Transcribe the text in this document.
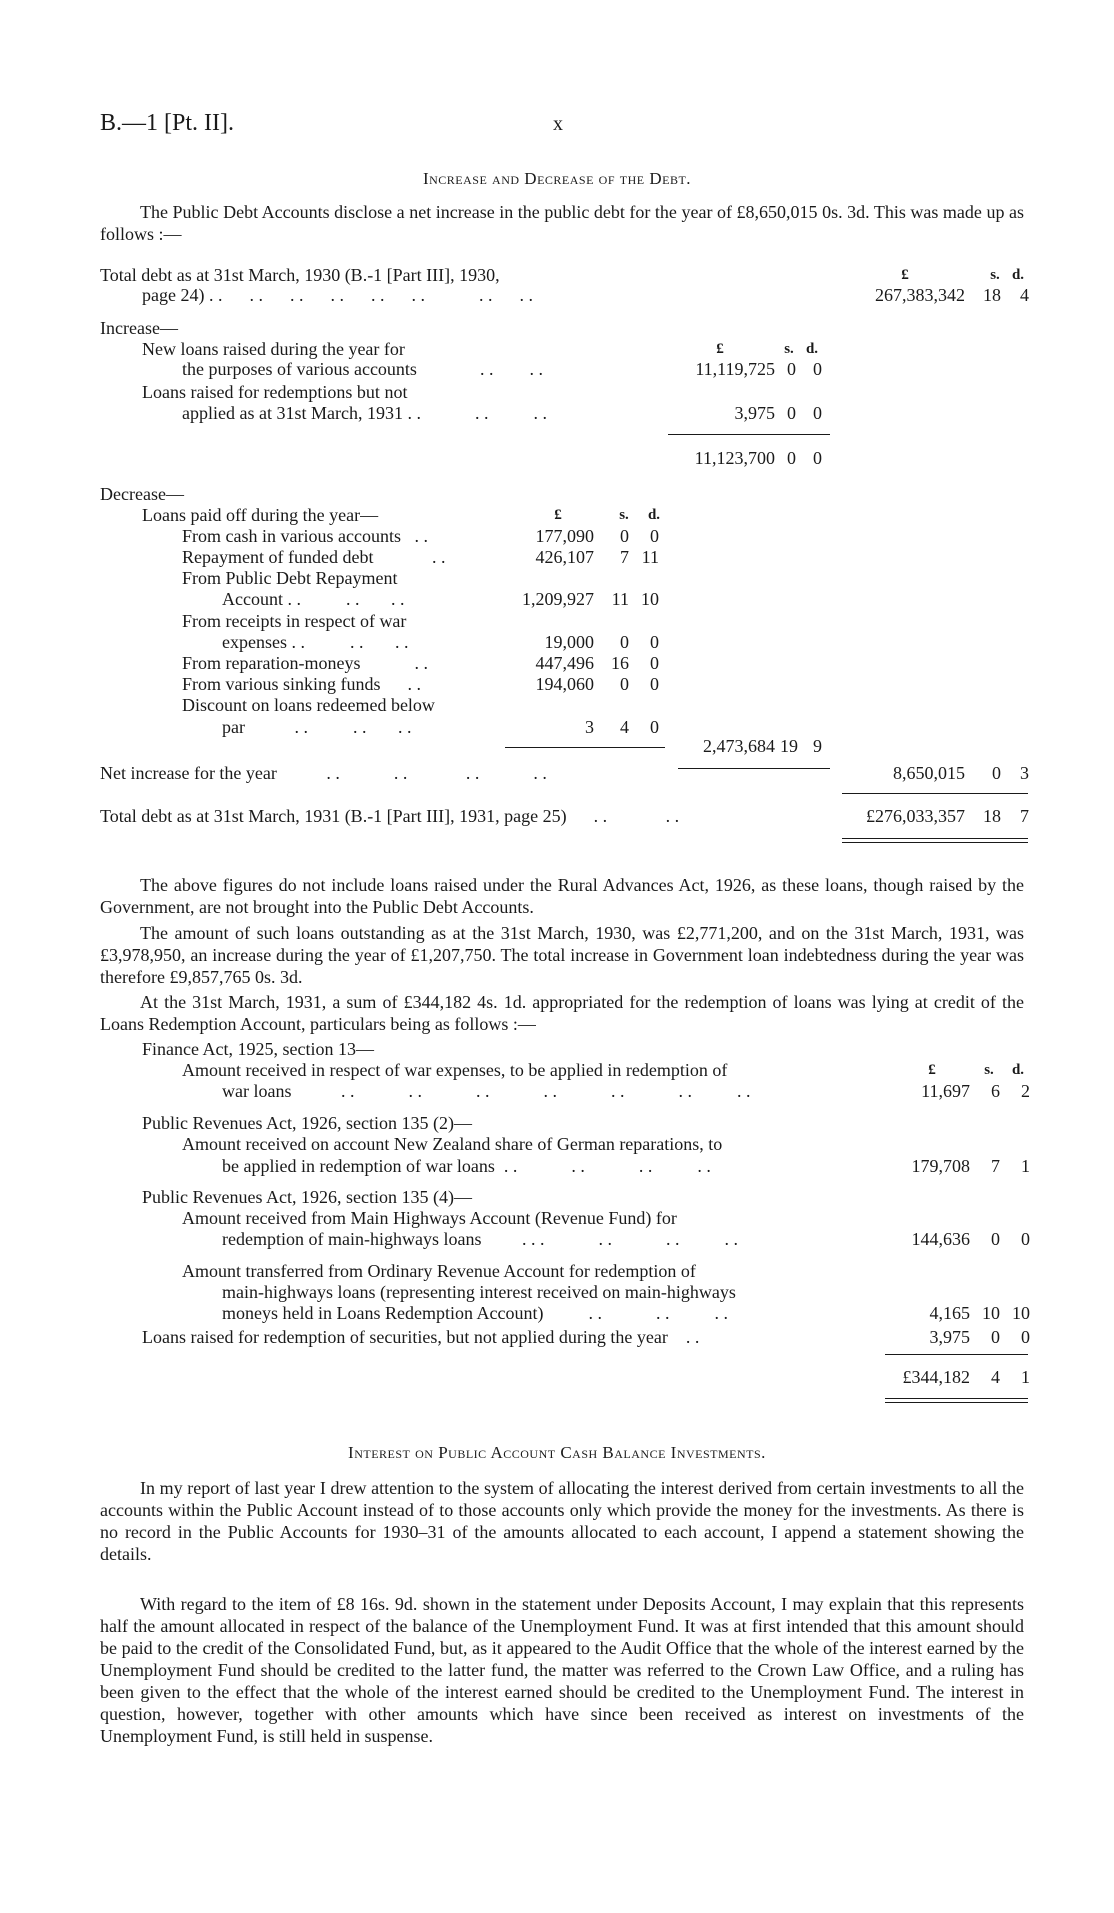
B.—1 [Pt. II].	x
Increase and Decrease of the Debt.
The Public Debt Accounts disclose a net increase in the public debt for the year of £8,650,015 0s. 3d. This was made up as follows :—
Total debt as at 31st March, 1930 (B.-1 [Part III], 1930,
page 24) . .      . .      . .      . .      . .      . .            . .      . .
£	s. d.
267,383,342	18	4
Increase—
£	s. d.
New loans raised during the year for
the purposes of various accounts              . .        . .	11,119,725 0 0
Loans raised for redemptions but not
applied as at 31st March, 1931 . .            . .          . .	3,975 0 0
11,123,700 0 0
Decrease—
Loans paid off during the year—	£	s.	d.
From cash in various accounts   . .	177,090	0	0
Repayment of funded debt             . .	426,107	7 11
From Public Debt Repayment
Account . .          . .       . .	1,209,927 11 10
From receipts in respect of war
expenses . .          . .       . .	19,000	0	0
From reparation-moneys            . .	447,496 16	0
From various sinking funds      . .	194,060	0	0
Discount on loans redeemed below
par           . .          . .       . .	3	4	0
2,473,684 19 9
Net increase for the year           . .            . .             . .            . .	8,650,015	0	3
Total debt as at 31st March, 1931 (B.-1 [Part III], 1931, page 25)      . .             . .	£276,033,357	18	7
The above figures do not include loans raised under the Rural Advances Act, 1926, as these loans, though raised by the Government, are not brought into the Public Debt Accounts.
The amount of such loans outstanding as at the 31st March, 1930, was £2,771,200, and on the 31st March, 1931, was £3,978,950, an increase during the year of £1,207,750. The total increase in Government loan indebtedness during the year was therefore £9,857,765 0s. 3d.
At the 31st March, 1931, a sum of £344,182 4s. 1d. appropriated for the redemption of loans was lying at credit of the Loans Redemption Account, particulars being as follows :—
Finance Act, 1925, section 13—
£	s.	d.
Amount received in respect of war expenses, to be applied in redemption of
war loans           . .            . .            . .            . .            . .            . .          . .	11,697	6	2
Public Revenues Act, 1926, section 135 (2)—
Amount received on account New Zealand share of German reparations, to
be applied in redemption of war loans  . .            . .            . .          . .	179,708	7	1
Public Revenues Act, 1926, section 135 (4)—
Amount received from Main Highways Account (Revenue Fund) for
redemption of main-highways loans         . . .            . .            . .          . .	144,636	0	0
Amount transferred from Ordinary Revenue Account for redemption of
main-highways loans (representing interest received on main-highways
moneys held in Loans Redemption Account)          . .            . .          . .	4,165 10 10
Loans raised for redemption of securities, but not applied during the year    . .	3,975	0	0
£344,182	4	1
Interest on Public Account Cash Balance Investments.
In my report of last year I drew attention to the system of allocating the interest derived from certain investments to all the accounts within the Public Account instead of to those accounts only which provide the money for the investments. As there is no record in the Public Accounts for 1930–31 of the amounts allocated to each account, I append a statement showing the details.
With regard to the item of £8 16s. 9d. shown in the statement under Deposits Account, I may explain that this represents half the amount allocated in respect of the balance of the Unemployment Fund. It was at first intended that this amount should be paid to the credit of the Consolidated Fund, but, as it appeared to the Audit Office that the whole of the interest earned by the Unemployment Fund should be credited to the latter fund, the matter was referred to the Crown Law Office, and a ruling has been given to the effect that the whole of the interest earned should be credited to the Unemployment Fund. The interest in question, however, together with other amounts which have since been received as interest on investments of the Unemployment Fund, is still held in suspense.
